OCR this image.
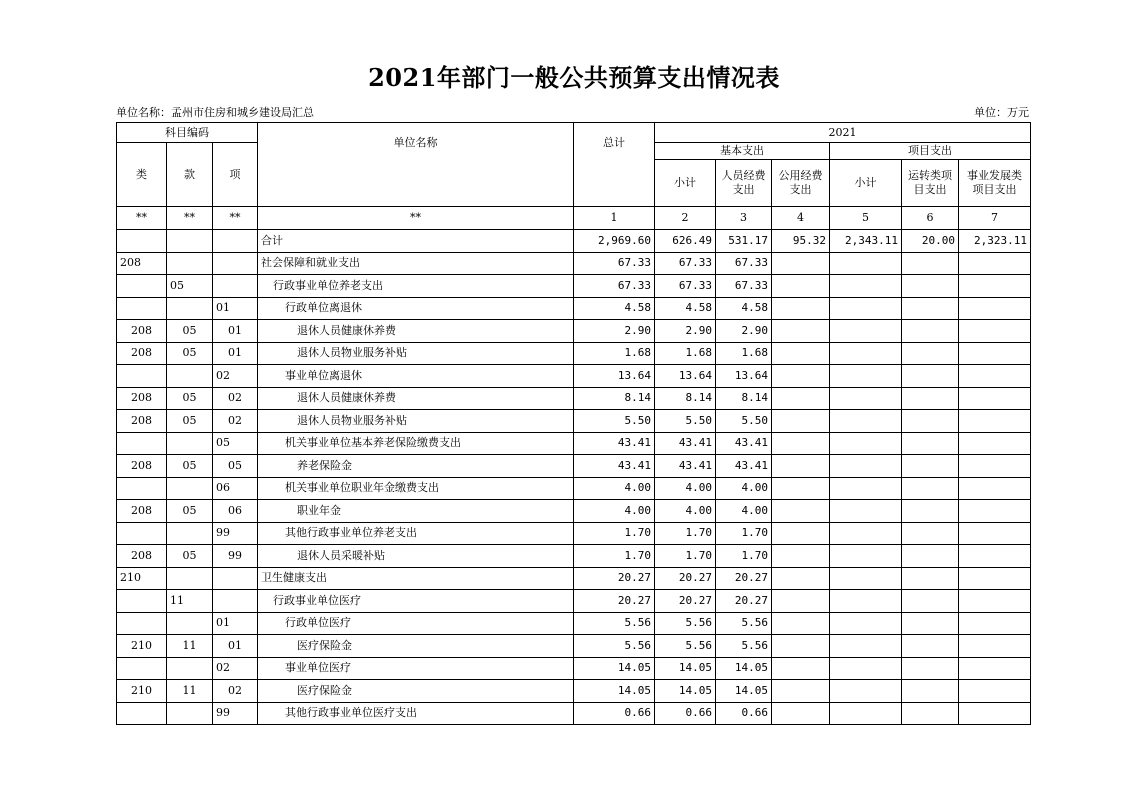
2021年部门一般公共预算支出情况表
单位名称：孟州市住房和城乡建设局汇总	单位：万元
科目编码			单位名称	总计	2021					
类	款	项			基本支出			项目支出		
					小计	人员经费支出	公用经费支出	小计	运转类项目支出	事业发展类项目支出
**	**	**	**	1	2	3	4	5	6	7
			合计	2,969.60	626.49	531.17	95.32	2,343.11	20.00	2,323.11
208			社会保障和就业支出	67.33	67.33	67.33				
	05		行政事业单位养老支出	67.33	67.33	67.33				
		01	行政单位离退休	4.58	4.58	4.58				
208	05	01	退休人员健康休养费	2.90	2.90	2.90				
208	05	01	退休人员物业服务补贴	1.68	1.68	1.68				
		02	事业单位离退休	13.64	13.64	13.64				
208	05	02	退休人员健康休养费	8.14	8.14	8.14				
208	05	02	退休人员物业服务补贴	5.50	5.50	5.50				
		05	机关事业单位基本养老保险缴费支出	43.41	43.41	43.41				
208	05	05	养老保险金	43.41	43.41	43.41				
		06	机关事业单位职业年金缴费支出	4.00	4.00	4.00				
208	05	06	职业年金	4.00	4.00	4.00				
		99	其他行政事业单位养老支出	1.70	1.70	1.70				
208	05	99	退休人员采暖补贴	1.70	1.70	1.70				
210			卫生健康支出	20.27	20.27	20.27				
	11		行政事业单位医疗	20.27	20.27	20.27				
		01	行政单位医疗	5.56	5.56	5.56				
210	11	01	医疗保险金	5.56	5.56	5.56				
		02	事业单位医疗	14.05	14.05	14.05				
210	11	02	医疗保险金	14.05	14.05	14.05				
		99	其他行政事业单位医疗支出	0.66	0.66	0.66				
